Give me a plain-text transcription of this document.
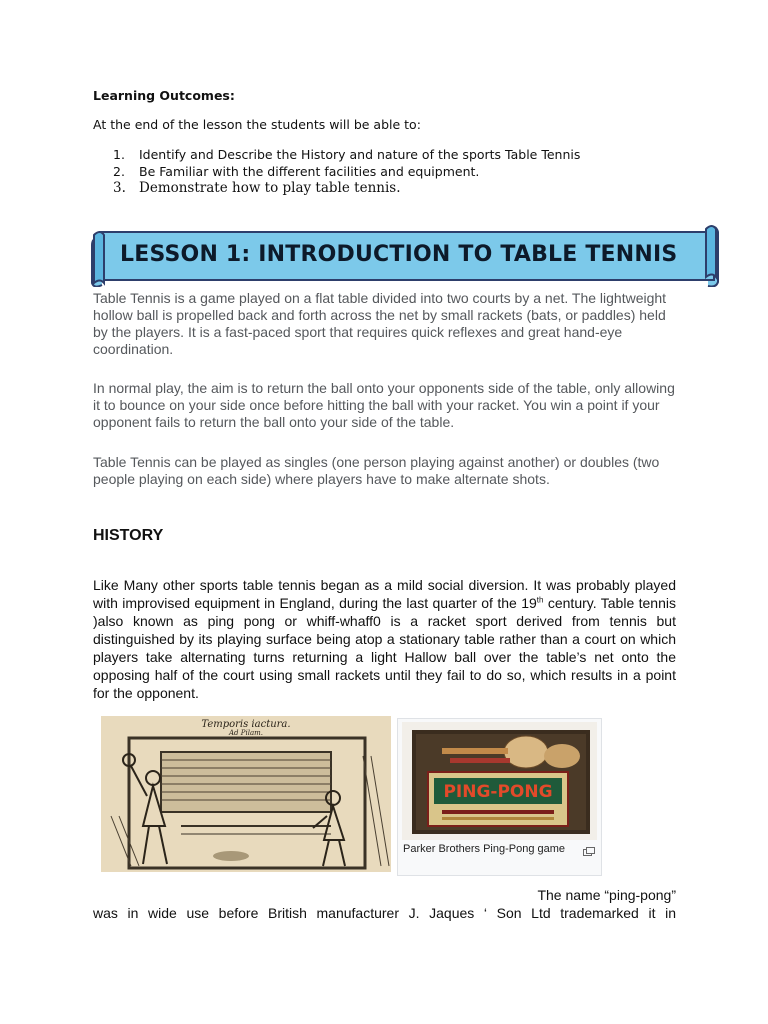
Learning Outcomes:
At the end of the lesson the students will be able to:
1. Identify and Describe the History and nature of the sports Table Tennis
2. Be Familiar with the different facilities and equipment.
3. Demonstrate how to play table tennis.
LESSON 1: INTRODUCTION TO TABLE TENNIS

Table Tennis is a game played on a flat table divided into two courts by a net. The lightweight hollow ball is propelled back and forth across the net by small rackets (bats, or paddles) held by the players. It is a fast-paced sport that requires quick reflexes and great hand-eye coordination.

In normal play, the aim is to return the ball onto your opponents side of the table, only allowing it to bounce on your side once before hitting the ball with your racket. You win a point if your opponent fails to return the ball onto your side of the table.

Table Tennis can be played as singles (one person playing against another) or doubles (two people playing on each side) where players have to make alternate shots.

HISTORY

Like Many other sports table tennis began as a mild social diversion. It was probably played with improvised equipment in England, during the last quarter of the 19th century. Table tennis )also known as ping pong or whiff-whaff0 is a racket sport derived from tennis but distinguished by its playing surface being atop a stationary table rather than a court on which players take alternating turns returning a light Hallow ball over the table’s net onto the opposing half of the court using small rackets until they fail to do so, which results in a point for the opponent.

Temporis iactura.
Ad Pilam.
PING-PONG
Parker Brothers Ping-Pong game
The name “ping-pong”
was in wide use before British manufacturer J. Jaques ‘ Son Ltd trademarked it in
